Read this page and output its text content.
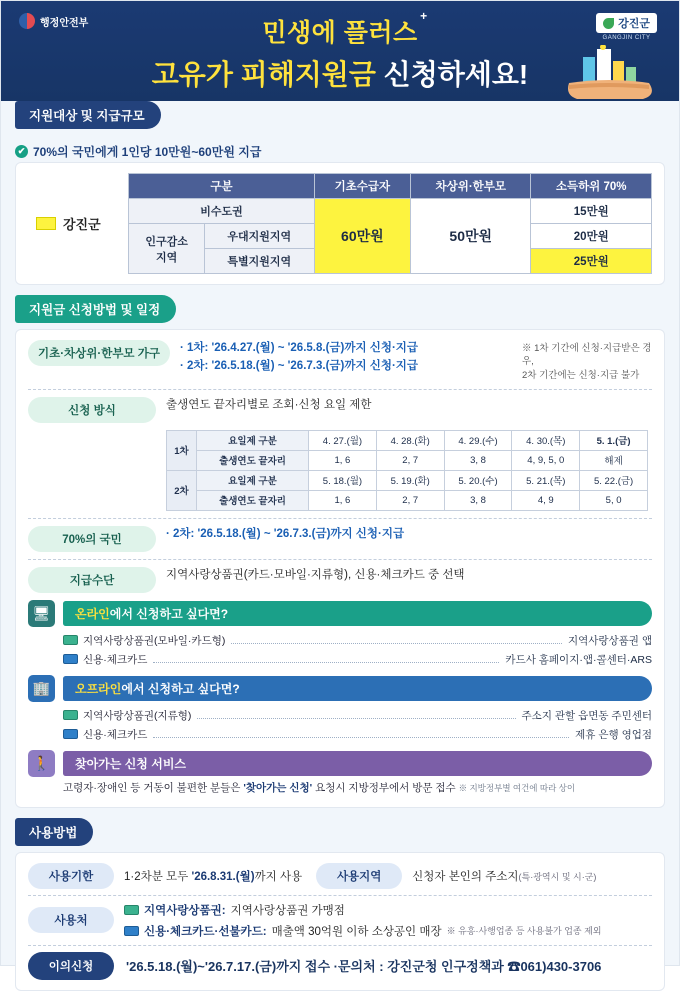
행정안전부	민생에 플러스
+
고유가 피해지원금 신청하세요!
강진군
GANGJIN CITY
지원대상 및 지급규모
✔ 70%의 국민에게 1인당 10만원~60만원 지급
강진군
구분		기초수급자	차상위·한부모	소득하위 70%
비수도권		60만원	50만원	15만원
인구감소
지역	우대지원지역			20만원
	특별지원지역			25만원
지원금 신청방법 및 일정
기초·차상위·한부모 가구	· 1차: '26.4.27.(월) ~ '26.5.8.(금)까지 신청·지급
· 2차: '26.5.18.(월) ~ '26.7.3.(금)까지 신청·지급
※ 1차 기간에 신청·지급받은 경우,
2차 기간에는 신청·지급 불가
신청 방식	출생연도 끝자리별로 조회·신청 요일 제한
1차	요일제 구분	4. 27.(월)	4. 28.(화)	4. 29.(수)	4. 30.(목)	5. 1.(금)
	출생연도 끝자리	1, 6	2, 7	3, 8	4, 9, 5, 0	해제
2차	요일제 구분	5. 18.(월)	5. 19.(화)	5. 20.(수)	5. 21.(목)	5. 22.(금)
	출생연도 끝자리	1, 6	2, 7	3, 8	4, 9	5, 0
70%의 국민	· 2차: '26.5.18.(월) ~ '26.7.3.(금)까지 신청·지급
지급수단	지역사랑상품권(카드·모바일·지류형), 신용·체크카드 중 선택
🖥	온라인에서 신청하고 싶다면?
지역사랑상품권(모바일·카드형)	지역사랑상품권 앱
신용·체크카드	카드사 홈페이지·앱·콜센터·ARS
🏢	오프라인에서 신청하고 싶다면?
지역사랑상품권(지류형)	주소지 관할 읍면동 주민센터
신용·체크카드	제휴 은행 영업점
🚶	찾아가는 신청 서비스
고령자·장애인 등 거동이 불편한 분들은 '찾아가는 신청' 요청시 지방정부에서 방문 접수 ※ 지방정부별 여건에 따라 상이
사용방법
사용기한	1·2차분 모두 '26.8.31.(월)까지 사용	사용지역	신청자 본인의 주소지(특·광역시 및 시·군)
사용처
지역사랑상품권: 지역사랑상품권 가맹점
신용·체크카드·선불카드: 매출액 30억원 이하 소상공인 매장 ※ 유흥·사행업종 등 사용불가 업종 제외
이의신청	'26.5.18.(월)~'26.7.17.(금)까지 접수 ·문의처 : 강진군청 인구정책과 ☎061)430-3706
